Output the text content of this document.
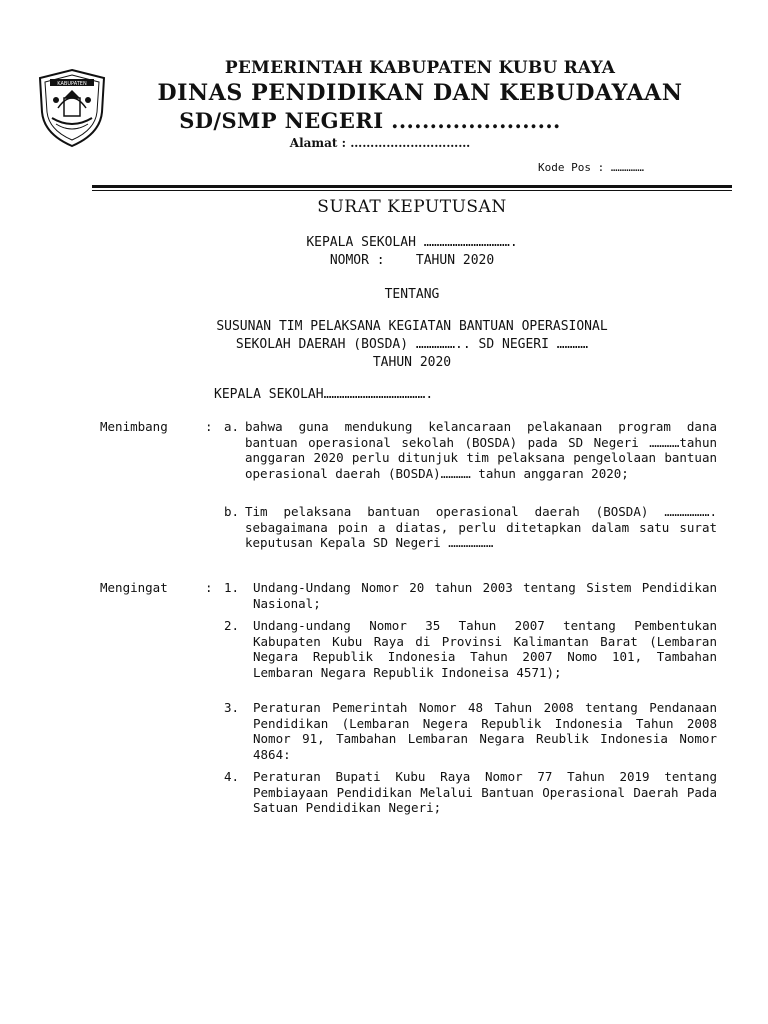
KABUPATEN
PEMERINTAH KABUPATEN KUBU RAYA
DINAS PENDIDIKAN DAN KEBUDAYAAN
SD/SMP NEGERI ......................
Alamat : …………………………
Kode Pos : ……………
SURAT KEPUTUSAN
KEPALA SEKOLAH …………………………….
NOMOR :    TAHUN 2020
TENTANG
SUSUNAN TIM PELAKSANA KEGIATAN BANTUAN OPERASIONAL
SEKOLAH DAERAH (BOSDA) …………….. SD NEGERI …………
TAHUN 2020
KEPALA SEKOLAH………………………………….
Menimbang	: a. bahwa guna mendukung kelancaraan pelakanaan program dana bantuan operasional sekolah (BOSDA) pada SD Negeri …………tahun anggaran 2020 perlu ditunjuk tim pelaksana pengelolaan bantuan operasional daerah (BOSDA)………… tahun anggaran 2020;
b. Tim pelaksana bantuan operasional daerah (BOSDA) ………………. sebagaimana poin a diatas, perlu ditetapkan dalam satu surat keputusan Kepala SD Negeri ………………
Mengingat	: 1. Undang-Undang Nomor 20 tahun 2003 tentang Sistem Pendidikan Nasional;
2. Undang-undang Nomor 35 Tahun 2007 tentang Pembentukan Kabupaten Kubu Raya di Provinsi Kalimantan Barat (Lembaran Negara Republik Indonesia Tahun 2007 Nomo 101, Tambahan Lembaran Negara Republik Indoneisa 4571);
3. Peraturan Pemerintah Nomor 48 Tahun 2008 tentang Pendanaan Pendidikan (Lembaran Negera Republik Indonesia Tahun 2008 Nomor 91, Tambahan Lembaran Negara Reublik Indonesia Nomor 4864:
4. Peraturan Bupati Kubu Raya Nomor 77 Tahun 2019 tentang Pembiayaan Pendidikan Melalui Bantuan Operasional Daerah Pada Satuan Pendidikan Negeri;
